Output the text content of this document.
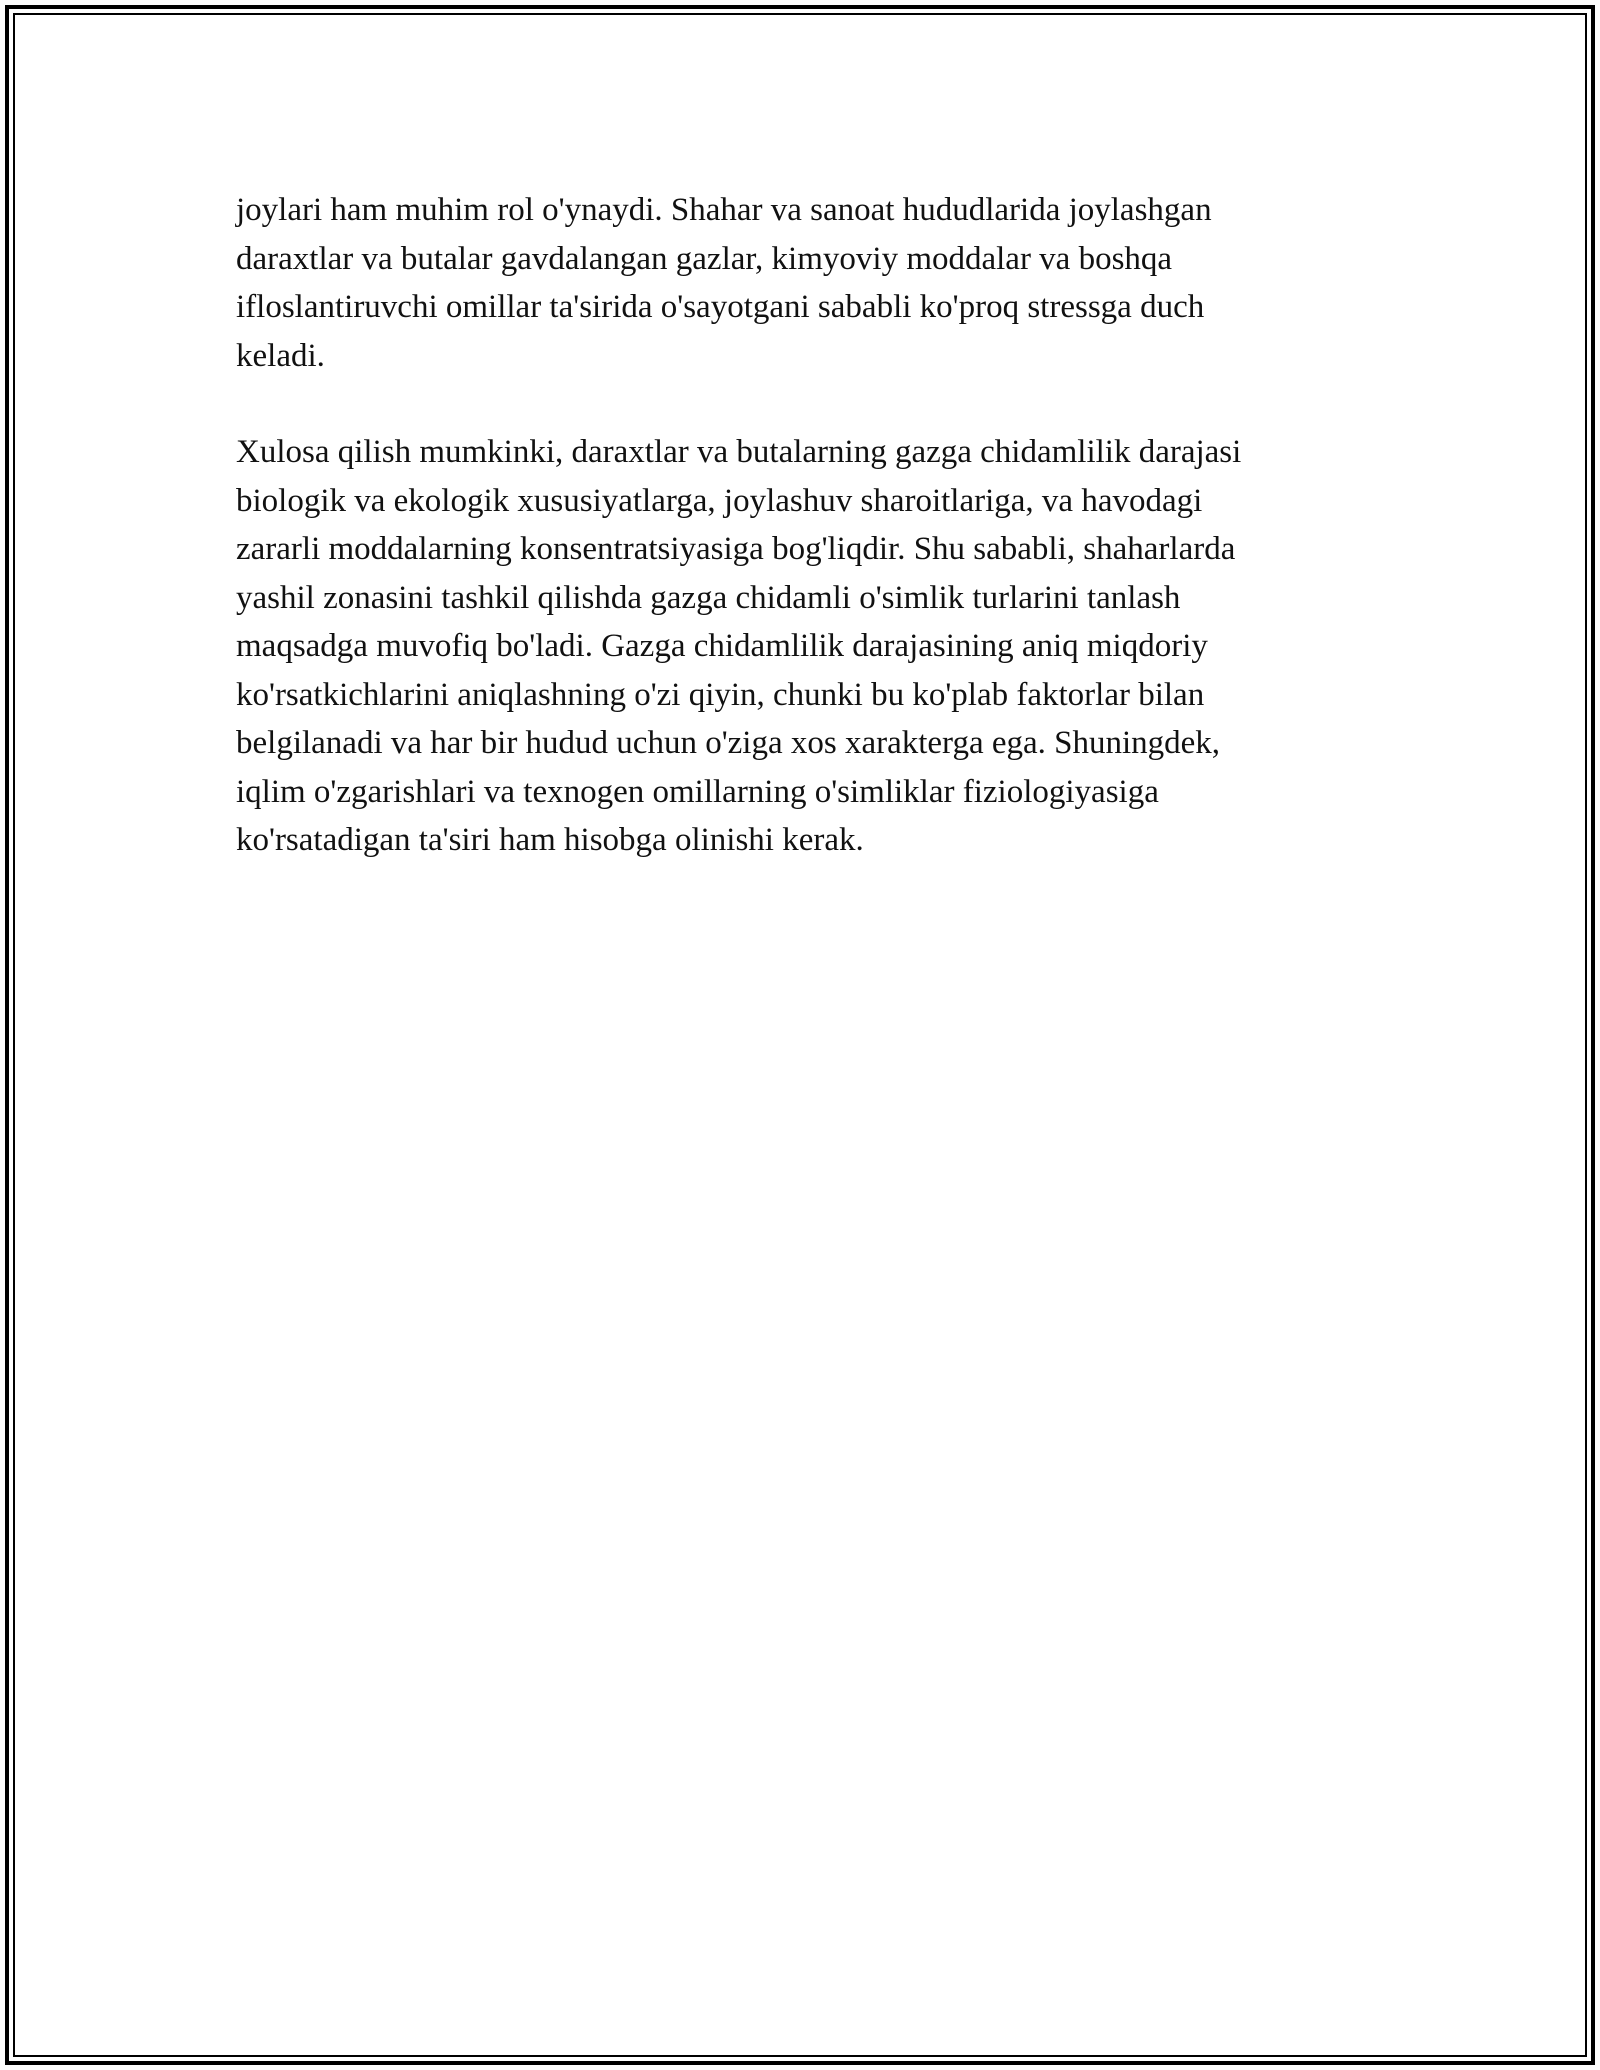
joylari ham muhim rol o'ynaydi. Shahar va sanoat hududlarida joylashgan
daraxtlar va butalar gavdalangan gazlar, kimyoviy moddalar va boshqa
ifloslantiruvchi omillar ta'sirida o'sayotgani sababli ko'proq stressga duch
keladi.

Xulosa qilish mumkinki, daraxtlar va butalarning gazga chidamlilik darajasi
biologik va ekologik xususiyatlarga, joylashuv sharoitlariga, va havodagi
zararli moddalarning konsentratsiyasiga bog'liqdir. Shu sababli, shaharlarda
yashil zonasini tashkil qilishda gazga chidamli o'simlik turlarini tanlash
maqsadga muvofiq bo'ladi. Gazga chidamlilik darajasining aniq miqdoriy
ko'rsatkichlarini aniqlashning o'zi qiyin, chunki bu ko'plab faktorlar bilan
belgilanadi va har bir hudud uchun o'ziga xos xarakterga ega. Shuningdek,
iqlim o'zgarishlari va texnogen omillarning o'simliklar fiziologiyasiga
ko'rsatadigan ta'siri ham hisobga olinishi kerak.
